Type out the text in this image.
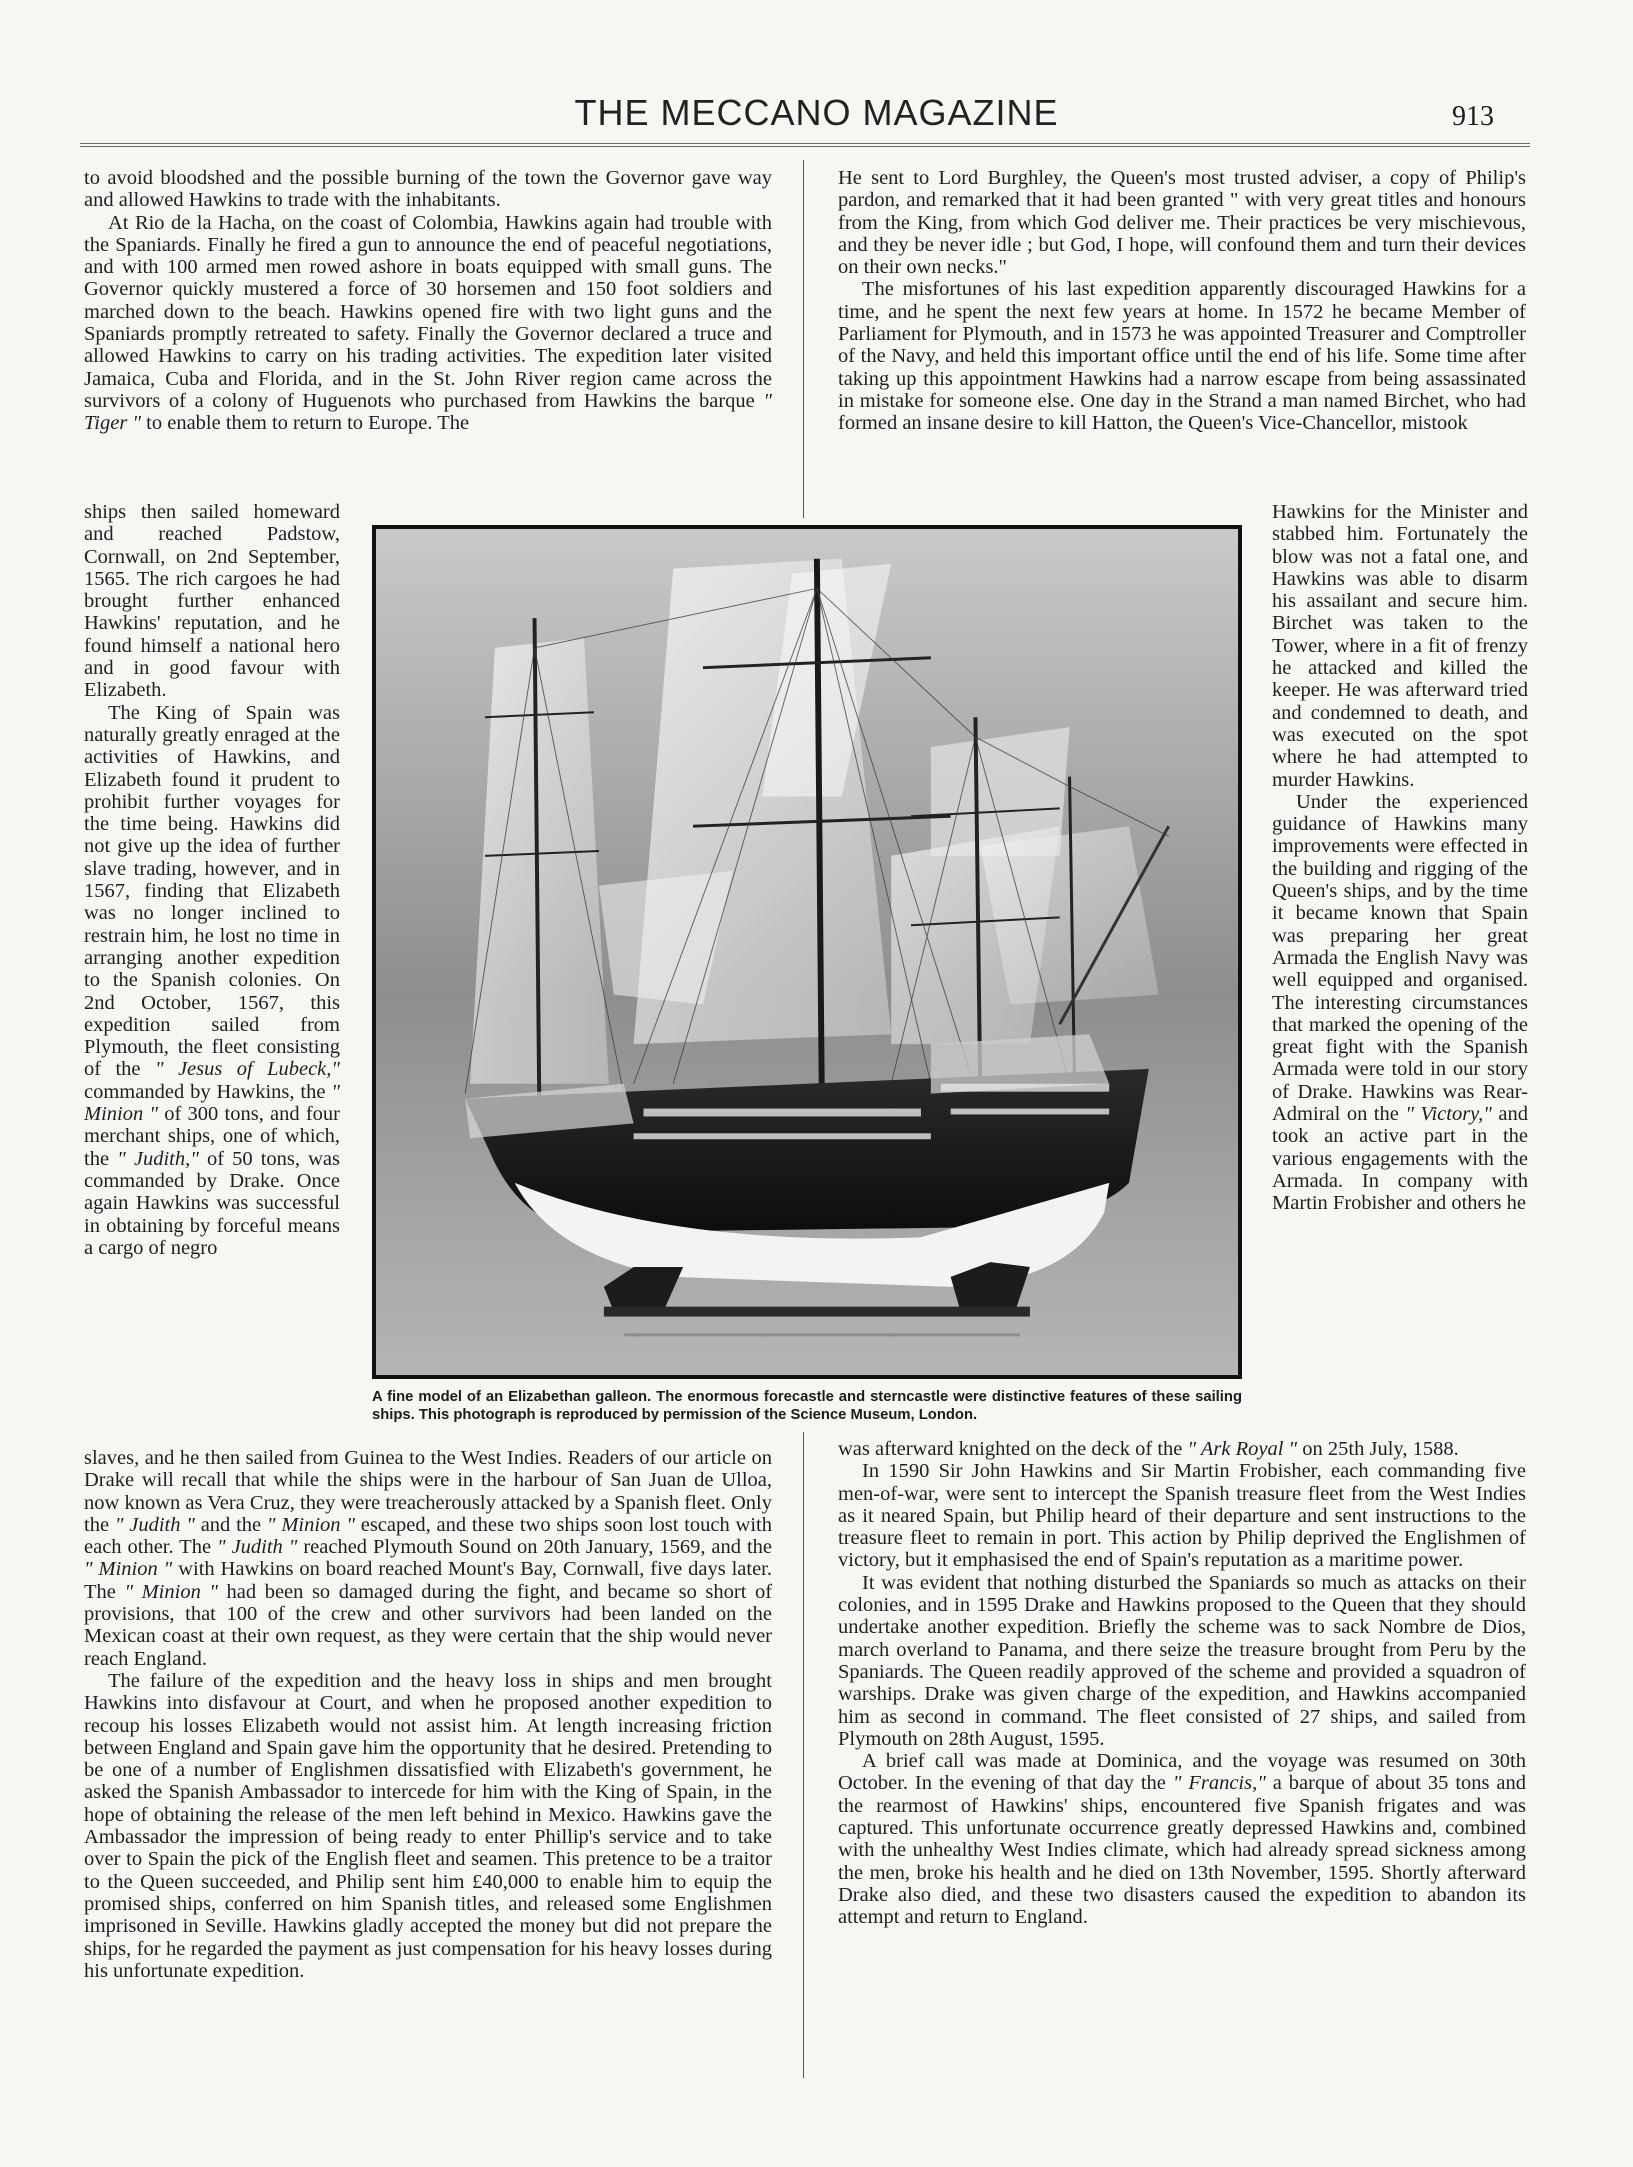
THE MECCANO MAGAZINE	913

to avoid bloodshed and the possible burning of the town the Governor gave way and allowed Hawkins to trade with the inhabitants.

At Rio de la Hacha, on the coast of Colombia, Hawkins again had trouble with the Spaniards. Finally he fired a gun to announce the end of peaceful negotiations, and with 100 armed men rowed ashore in boats equipped with small guns. The Governor quickly mustered a force of 30 horsemen and 150 foot soldiers and marched down to the beach. Hawkins opened fire with two light guns and the Spaniards promptly retreated to safety. Finally the Governor declared a truce and allowed Hawkins to carry on his trading activities. The expedition later visited Jamaica, Cuba and Florida, and in the St. John River region came across the survivors of a colony of Huguenots who purchased from Hawkins the barque " Tiger " to enable them to return to Europe. The

ships then sailed homeward and reached Padstow, Cornwall, on 2nd September, 1565. The rich cargoes he had brought further enhanced Hawkins' reputation, and he found himself a national hero and in good favour with Elizabeth.

The King of Spain was naturally greatly enraged at the activities of Hawkins, and Elizabeth found it prudent to prohibit further voyages for the time being. Hawkins did not give up the idea of further slave trading, however, and in 1567, finding that Elizabeth was no longer inclined to restrain him, he lost no time in arranging another expedition to the Spanish colonies. On 2nd October, 1567, this expedition sailed from Plymouth, the fleet consisting of the " Jesus of Lubeck," commanded by Hawkins, the " Minion " of 300 tons, and four merchant ships, one of which, the " Judith," of 50 tons, was commanded by Drake. Once again Hawkins was successful in obtaining by forceful means a cargo of negro

slaves, and he then sailed from Guinea to the West Indies. Readers of our article on Drake will recall that while the ships were in the harbour of San Juan de Ulloa, now known as Vera Cruz, they were treacherously attacked by a Spanish fleet. Only the " Judith " and the " Minion " escaped, and these two ships soon lost touch with each other. The " Judith " reached Plymouth Sound on 20th January, 1569, and the " Minion " with Hawkins on board reached Mount's Bay, Cornwall, five days later. The " Minion " had been so damaged during the fight, and became so short of provisions, that 100 of the crew and other survivors had been landed on the Mexican coast at their own request, as they were certain that the ship would never reach England.

The failure of the expedition and the heavy loss in ships and men brought Hawkins into disfavour at Court, and when he proposed another expedition to recoup his losses Elizabeth would not assist him. At length increasing friction between England and Spain gave him the opportunity that he desired. Pretending to be one of a number of Englishmen dissatisfied with Elizabeth's government, he asked the Spanish Ambassador to intercede for him with the King of Spain, in the hope of obtaining the release of the men left behind in Mexico. Hawkins gave the Ambassador the impression of being ready to enter Phillip's service and to take over to Spain the pick of the English fleet and seamen. This pretence to be a traitor to the Queen succeeded, and Philip sent him £40,000 to enable him to equip the promised ships, conferred on him Spanish titles, and released some Englishmen imprisoned in Seville. Hawkins gladly accepted the money but did not prepare the ships, for he regarded the payment as just compensation for his heavy losses during his unfortunate expedition.

He sent to Lord Burghley, the Queen's most trusted adviser, a copy of Philip's pardon, and remarked that it had been granted " with very great titles and honours from the King, from which God deliver me. Their practices be very mischievous, and they be never idle ; but God, I hope, will confound them and turn their devices on their own necks."

The misfortunes of his last expedition apparently discouraged Hawkins for a time, and he spent the next few years at home. In 1572 he became Member of Parliament for Plymouth, and in 1573 he was appointed Treasurer and Comptroller of the Navy, and held this important office until the end of his life. Some time after taking up this appointment Hawkins had a narrow escape from being assassinated in mistake for someone else. One day in the Strand a man named Birchet, who had formed an insane desire to kill Hatton, the Queen's Vice-Chancellor, mistook

Hawkins for the Minister and stabbed him. Fortunately the blow was not a fatal one, and Hawkins was able to disarm his assailant and secure him. Birchet was taken to the Tower, where in a fit of frenzy he attacked and killed the keeper. He was afterward tried and condemned to death, and was executed on the spot where he had attempted to murder Hawkins.

Under the experienced guidance of Hawkins many improvements were effected in the building and rigging of the Queen's ships, and by the time it became known that Spain was preparing her great Armada the English Navy was well equipped and organised. The interesting circumstances that marked the opening of the great fight with the Spanish Armada were told in our story of Drake. Hawkins was Rear-Admiral on the " Victory," and took an active part in the various engagements with the Armada. In company with Martin Frobisher and others he

was afterward knighted on the deck of the " Ark Royal " on 25th July, 1588.

In 1590 Sir John Hawkins and Sir Martin Frobisher, each commanding five men-of-war, were sent to intercept the Spanish treasure fleet from the West Indies as it neared Spain, but Philip heard of their departure and sent instructions to the treasure fleet to remain in port. This action by Philip deprived the Englishmen of victory, but it emphasised the end of Spain's reputation as a maritime power.

It was evident that nothing disturbed the Spaniards so much as attacks on their colonies, and in 1595 Drake and Hawkins proposed to the Queen that they should undertake another expedition. Briefly the scheme was to sack Nombre de Dios, march overland to Panama, and there seize the treasure brought from Peru by the Spaniards. The Queen readily approved of the scheme and provided a squadron of warships. Drake was given charge of the expedition, and Hawkins accompanied him as second in command. The fleet consisted of 27 ships, and sailed from Plymouth on 28th August, 1595.

A brief call was made at Dominica, and the voyage was resumed on 30th October. In the evening of that day the " Francis," a barque of about 35 tons and the rearmost of Hawkins' ships, encountered five Spanish frigates and was captured. This unfortunate occurrence greatly depressed Hawkins and, combined with the unhealthy West Indies climate, which had already spread sickness among the men, broke his health and he died on 13th November, 1595. Shortly afterward Drake also died, and these two disasters caused the expedition to abandon its attempt and return to England.

A fine model of an Elizabethan galleon. The enormous forecastle and sterncastle were distinctive features of these sailing ships. This photograph is reproduced by permission of the Science Museum, London.
